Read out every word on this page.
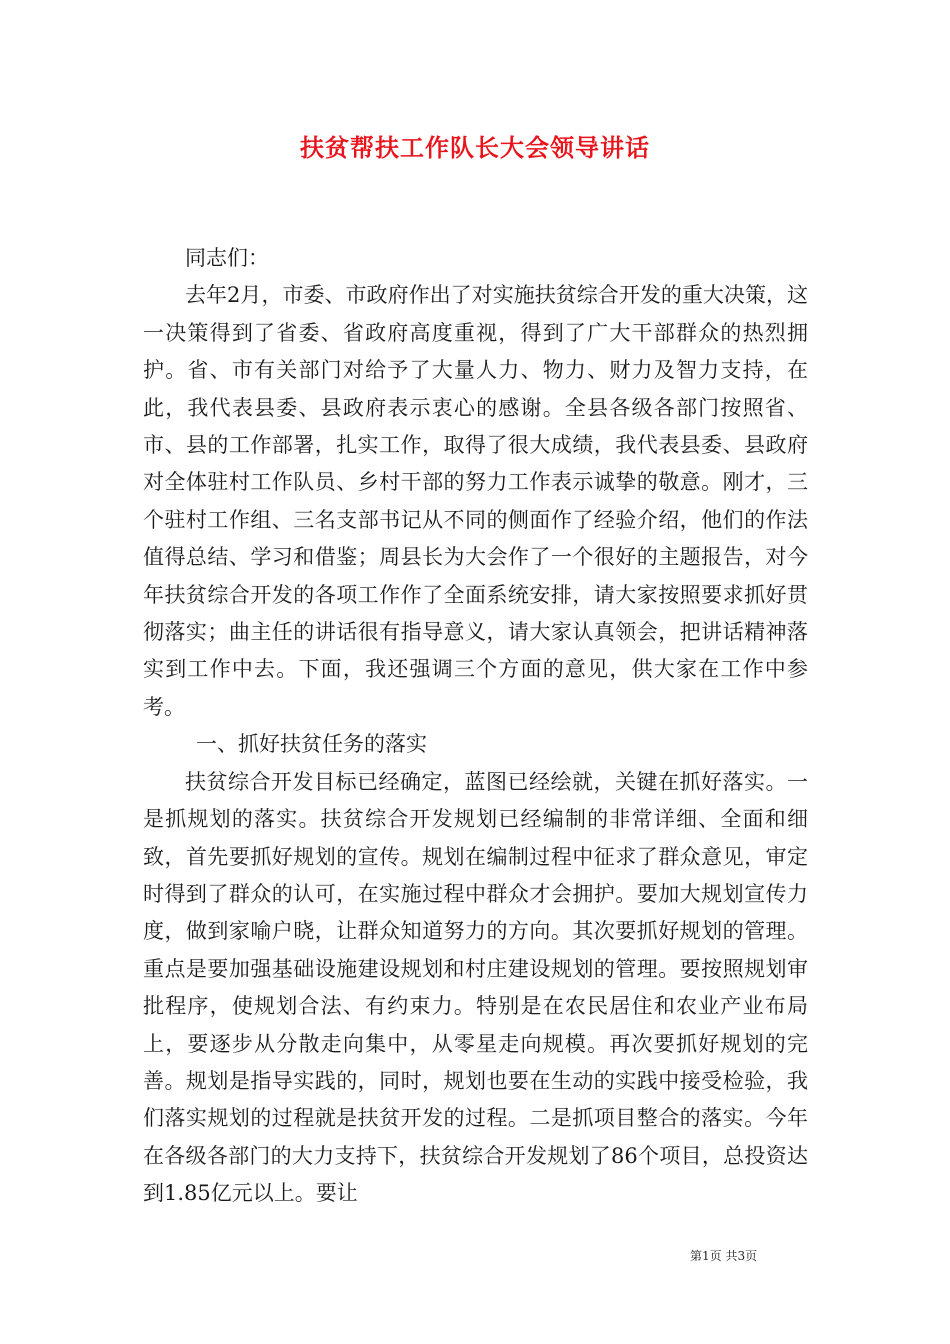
扶贫帮扶工作队长大会领导讲话

同志们：

去年2月，市委、市政府作出了对实施扶贫综合开发的重大决策，这一决策得到了省委、省政府高度重视，得到了广大干部群众的热烈拥护。省、市有关部门对给予了大量人力、物力、财力及智力支持，在此，我代表县委、县政府表示衷心的感谢。全县各级各部门按照省、市、县的工作部署，扎实工作，取得了很大成绩，我代表县委、县政府对全体驻村工作队员、乡村干部的努力工作表示诚挚的敬意。刚才，三个驻村工作组、三名支部书记从不同的侧面作了经验介绍，他们的作法值得总结、学习和借鉴；周县长为大会作了一个很好的主题报告，对今年扶贫综合开发的各项工作作了全面系统安排，请大家按照要求抓好贯彻落实；曲主任的讲话很有指导意义，请大家认真领会，把讲话精神落实到工作中去。下面，我还强调三个方面的意见，供大家在工作中参考。

一、抓好扶贫任务的落实

扶贫综合开发目标已经确定，蓝图已经绘就，关键在抓好落实。一是抓规划的落实。扶贫综合开发规划已经编制的非常详细、全面和细致，首先要抓好规划的宣传。规划在编制过程中征求了群众意见，审定时得到了群众的认可，在实施过程中群众才会拥护。要加大规划宣传力度，做到家喻户晓，让群众知道努力的方向。其次要抓好规划的管理。重点是要加强基础设施建设规划和村庄建设规划的管理。要按照规划审批程序，使规划合法、有约束力。特别是在农民居住和农业产业布局上，要逐步从分散走向集中，从零星走向规模。再次要抓好规划的完善。规划是指导实践的，同时，规划也要在生动的实践中接受检验，我们落实规划的过程就是扶贫开发的过程。二是抓项目整合的落实。今年在各级各部门的大力支持下，扶贫综合开发规划了86个项目，总投资达到1.85亿元以上。要让

第1页 共3页
